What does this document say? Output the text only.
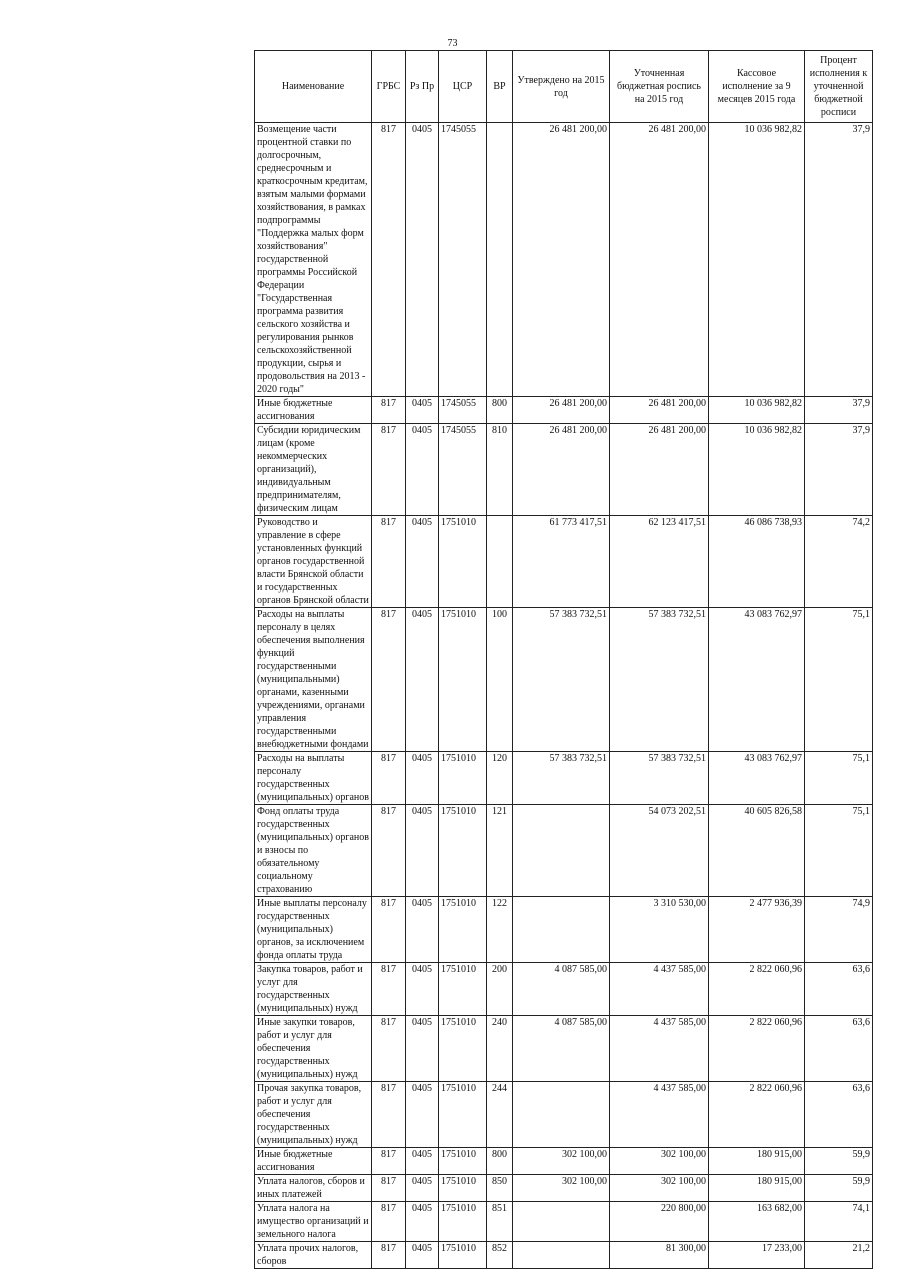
73
Наименование	ГРБС	Рз Пр	ЦСР	ВР	Утверждено на 2015 год	Уточненная бюджетная роспись на 2015 год	Кассовое исполнение за 9 месяцев 2015 года	Процент исполнения к уточненной бюджетной росписи
Возмещение части процентной ставки по долгосрочным, среднесрочным и краткосрочным кредитам, взятым малыми формами хозяйствования, в рамках подпрограммы "Поддержка малых форм хозяйствования" государственной программы Российской Федерации "Государственная программа развития сельского хозяйства и регулирования рынков сельскохозяйственной продукции, сырья и продовольствия на 2013 - 2020 годы"	817	0405	1745055		26 481 200,00	26 481 200,00	10 036 982,82	37,9
Иные бюджетные ассигнования	817	0405	1745055	800	26 481 200,00	26 481 200,00	10 036 982,82	37,9
Субсидии юридическим лицам (кроме некоммерческих организаций), индивидуальным предпринимателям, физическим лицам	817	0405	1745055	810	26 481 200,00	26 481 200,00	10 036 982,82	37,9
Руководство и управление в сфере установленных функций органов государственной власти Брянской области и государственных органов Брянской области	817	0405	1751010		61 773 417,51	62 123 417,51	46 086 738,93	74,2
Расходы на выплаты персоналу в целях обеспечения выполнения функций государственными (муниципальными) органами, казенными учреждениями, органами управления государственными внебюджетными фондами	817	0405	1751010	100	57 383 732,51	57 383 732,51	43 083 762,97	75,1
Расходы на выплаты персоналу государственных (муниципальных) органов	817	0405	1751010	120	57 383 732,51	57 383 732,51	43 083 762,97	75,1
Фонд оплаты труда государственных (муниципальных) органов и взносы по обязательному социальному страхованию	817	0405	1751010	121		54 073 202,51	40 605 826,58	75,1
Иные выплаты персоналу государственных (муниципальных) органов, за исключением фонда оплаты труда	817	0405	1751010	122		3 310 530,00	2 477 936,39	74,9
Закупка товаров, работ и услуг для государственных (муниципальных) нужд	817	0405	1751010	200	4 087 585,00	4 437 585,00	2 822 060,96	63,6
Иные закупки товаров, работ и услуг для обеспечения государственных (муниципальных) нужд	817	0405	1751010	240	4 087 585,00	4 437 585,00	2 822 060,96	63,6
Прочая закупка товаров, работ и услуг для обеспечения государственных (муниципальных) нужд	817	0405	1751010	244		4 437 585,00	2 822 060,96	63,6
Иные бюджетные ассигнования	817	0405	1751010	800	302 100,00	302 100,00	180 915,00	59,9
Уплата налогов, сборов и иных платежей	817	0405	1751010	850	302 100,00	302 100,00	180 915,00	59,9
Уплата налога на имущество организаций и земельного налога	817	0405	1751010	851		220 800,00	163 682,00	74,1
Уплата прочих налогов, сборов	817	0405	1751010	852		81 300,00	17 233,00	21,2
